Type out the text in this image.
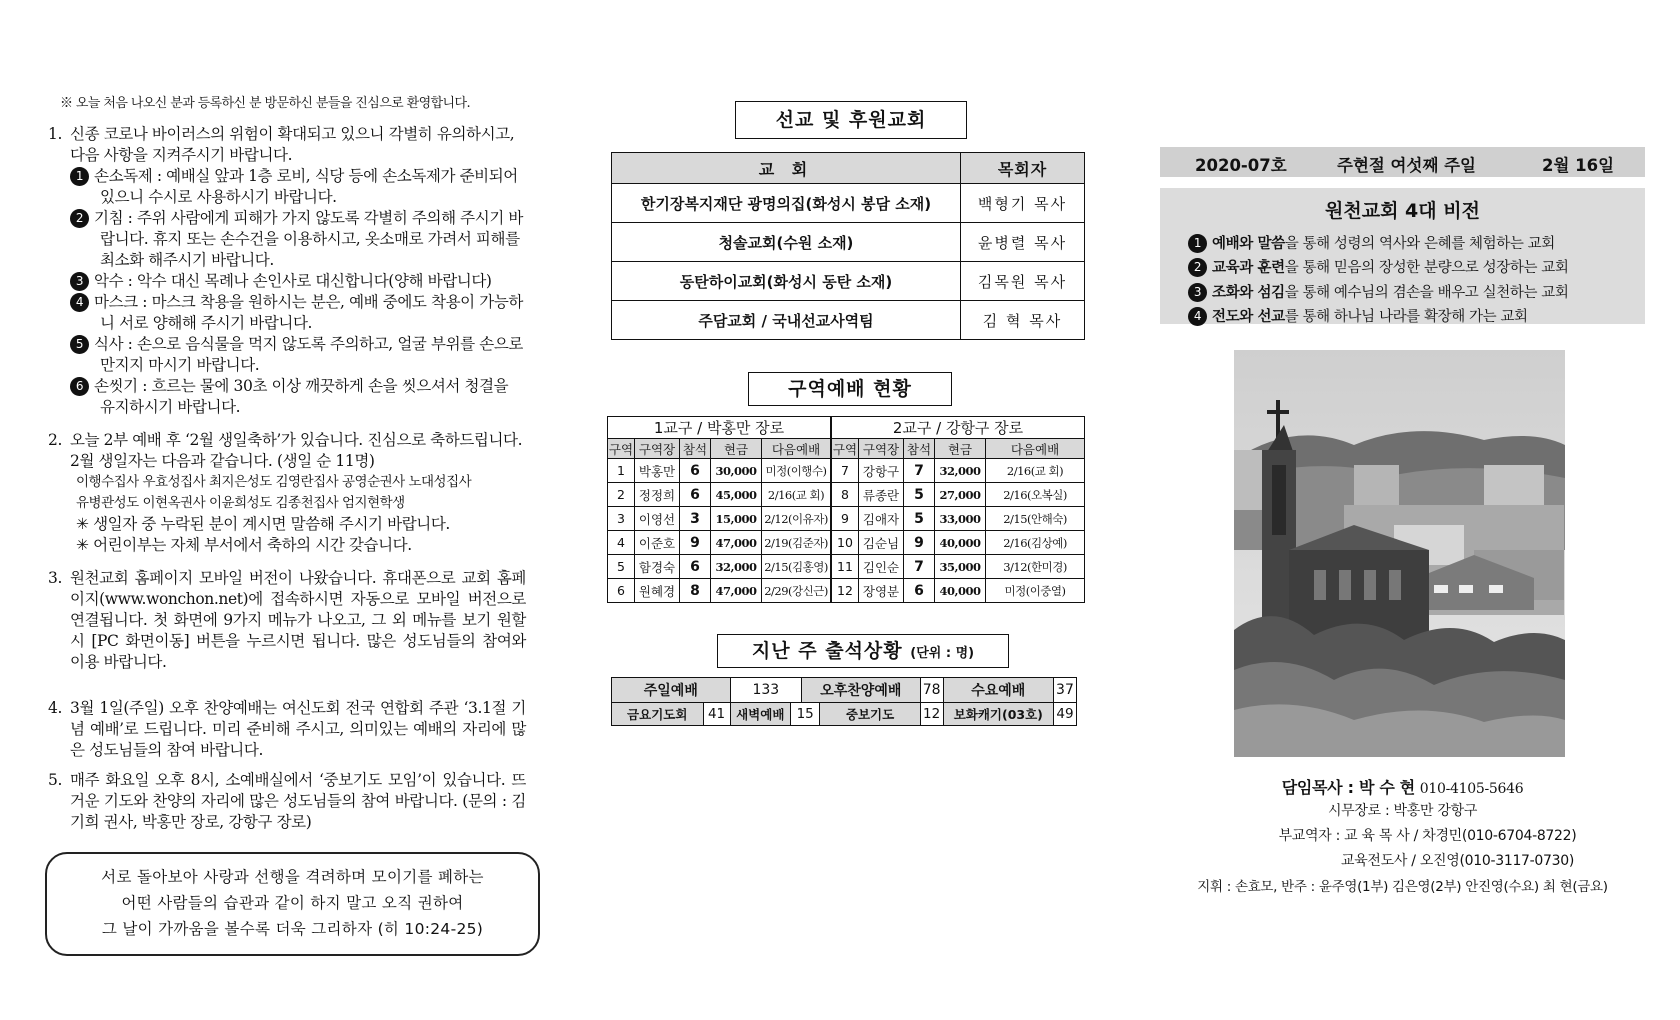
※ 오늘 처음 나오신 분과 등록하신 분 방문하신 분들을 진심으로 환영합니다.
1. 신종 코로나 바이러스의 위험이 확대되고 있으니 각별히 유의하시고, 다음 사항을 지켜주시기 바랍니다.
1 손소독제 : 예배실 앞과 1층 로비, 식당 등에 손소독제가 준비되어 있으니 수시로 사용하시기 바랍니다.
2 기침 : 주위 사람에게 피해가 가지 않도록 각별히 주의해 주시기 바랍니다. 휴지 또는 손수건을 이용하시고, 옷소매로 가려서 피해를 최소화 해주시기 바랍니다.
3 악수 : 악수 대신 목례나 손인사로 대신합니다(양해 바랍니다)
4 마스크 : 마스크 착용을 원하시는 분은, 예배 중에도 착용이 가능하니 서로 양해해 주시기 바랍니다.
5 식사 : 손으로 음식물을 먹지 않도록 주의하고, 얼굴 부위를 손으로 만지지 마시기 바랍니다.
6 손씻기 : 흐르는 물에 30초 이상 깨끗하게 손을 씻으셔서 청결을 유지하시기 바랍니다.
2. 오늘 2부 예배 후 ‘2월 생일축하’가 있습니다. 진심으로 축하드립니다. 2월 생일자는 다음과 같습니다. (생일 순 11명)
이행수집사 우효성집사 최지은성도 김영란집사 공영순권사 노대성집사
유병관성도 이현옥권사 이윤희성도 김종천집사 엄지현학생
✳ 생일자 중 누락된 분이 계시면 말씀해 주시기 바랍니다.
✳ 어린이부는 자체 부서에서 축하의 시간 갖습니다.
3. 원천교회 홈페이지 모바일 버전이 나왔습니다. 휴대폰으로 교회 홈페이지(www.wonchon.net)에 접속하시면 자동으로 모바일 버전으로 연결됩니다. 첫 화면에 9가지 메뉴가 나오고, 그 외 메뉴를 보기 원할 시 [PC 화면이동] 버튼을 누르시면 됩니다. 많은 성도님들의 참여와 이용 바랍니다.
4. 3월 1일(주일) 오후 찬양예배는 여신도회 전국 연합회 주관 ‘3.1절 기념 예배’로 드립니다. 미리 준비해 주시고, 의미있는 예배의 자리에 많은 성도님들의 참여 바랍니다.
5. 매주 화요일 오후 8시, 소예배실에서 ‘중보기도 모임’이 있습니다. 뜨거운 기도와 찬양의 자리에 많은 성도님들의 참여 바랍니다. (문의 : 김기희 권사, 박홍만 장로, 강항구 장로)
서로 돌아보아 사랑과 선행을 격려하며 모이기를 폐하는
어떤 사람들의 습관과 같이 하지 말고 오직 권하여
그 날이 가까움을 볼수록 더욱 그리하자 (히 10:24-25)
선교 및 후원교회
교 회	목회자
한기장복지재단 광명의집(화성시 봉담 소재)	백형기 목사
청솔교회(수원 소재)	윤병렬 목사
동탄하이교회(화성시 동탄 소재)	김목원 목사
주담교회 / 국내선교사역팀	김 혁 목사
구역예배 현황
1교구 / 박홍만 장로					2교구 / 강항구 장로				
구역	구역장	참석	현금	다음예배	구역	구역장	참석	현금	다음예배
1	박홍만	6	30,000	미정(이행수)	7	강항구	7	32,000	2/16(교 회)
2	정정희	6	45,000	2/16(교 회)	8	류종란	5	27,000	2/16(오복실)
3	이영선	3	15,000	2/12(이유자)	9	김애자	5	33,000	2/15(안해숙)
4	이준호	9	47,000	2/19(김준자)	10	김순님	9	40,000	2/16(김상예)
5	함경숙	6	32,000	2/15(김홍영)	11	김인순	7	35,000	3/12(한미경)
6	원혜경	8	47,000	2/29(강신근)	12	장영분	6	40,000	미정(이중열)
지난 주 출석상황 (단위 : 명)
주일예배		133		오후찬양예배		78	수요예배	37
금요기도회	41	새벽예배	15		중보기도	12	보화캐기(03호)	49
2020-07호	주현절 여섯째 주일	2월 16일
원천교회 4대 비전
1 예배와 말씀을 통해 성령의 역사와 은혜를 체험하는 교회
2 교육과 훈련을 통해 믿음의 장성한 분량으로 성장하는 교회
3 조화와 섬김을 통해 예수님의 겸손을 배우고 실천하는 교회
4 전도와 선교를 통해 하나님 나라를 확장해 가는 교회
담임목사 : 박 수 현 010-4105-5646
시무장로 : 박홍만 강항구
부교역자 : 교 육 목 사 / 차경민(010-6704-8722)
교육전도사 / 오진영(010-3117-0730)
지휘 : 손효모, 반주 : 윤주영(1부) 김은영(2부) 안진영(수요) 최 현(금요)
